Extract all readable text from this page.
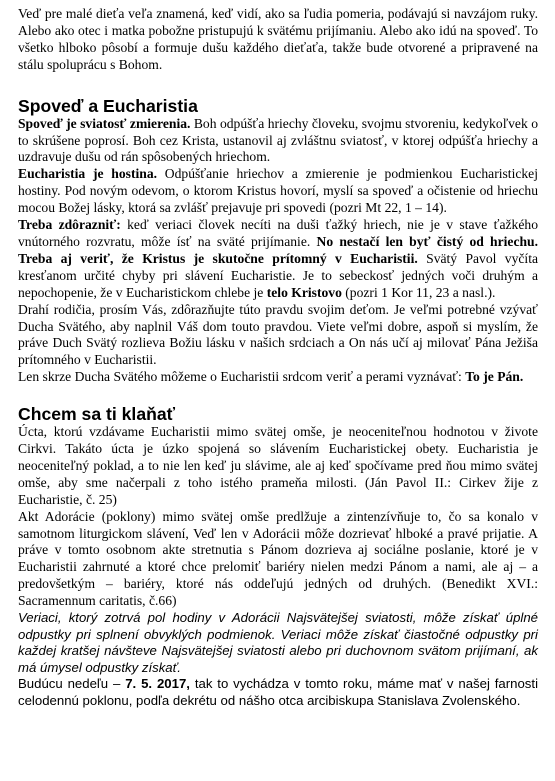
Veď pre malé dieťa veľa znamená, keď vidí, ako sa ľudia pomeria, podávajú si navzájom ruky. Alebo ako otec i matka pobožne pristupujú k svätému prijímaniu. Alebo ako idú na spoveď. To všetko hlboko pôsobí a formuje dušu každého dieťaťa, takže bude otvorené a pripravené na stálu spoluprácu s Bohom.

Spoveď a Eucharistia

Spoveď je sviatosť zmierenia. Boh odpúšťa hriechy človeku, svojmu stvoreniu, kedykoľvek o to skrúšene poprosí. Boh cez Krista, ustanovil aj zvláštnu sviatosť, v ktorej odpúšťa hriechy a uzdravuje dušu od rán spôsobených hriechom.

Eucharistia je hostina. Odpúšťanie hriechov a zmierenie je podmienkou Eucharistickej hostiny. Pod novým odevom, o ktorom Kristus hovorí, myslí sa spoveď a očistenie od hriechu mocou Božej lásky, ktorá sa zvlášť prejavuje pri spovedi (pozri Mt 22, 1 – 14).

Treba zdôrazniť: keď veriaci človek necíti na duši ťažký hriech, nie je v stave ťažkého vnútorného rozvratu, môže ísť na sväté prijímanie. No nestačí len byť čistý od hriechu. Treba aj veriť, že Kristus je skutočne prítomný v Eucharistii. Svätý Pavol vyčíta kresťanom určité chyby pri slávení Eucharistie. Je to sebeckosť jedných voči druhým a nepochopenie, že v Eucharistickom chlebe je telo Kristovo (pozri 1 Kor 11, 23 a nasl.).

Drahí rodičia, prosím Vás, zdôrazňujte túto pravdu svojim deťom. Je veľmi potrebné vzývať Ducha Svätého, aby naplnil Váš dom touto pravdou. Viete veľmi dobre, aspoň si myslím, že práve Duch Svätý rozlieva Božiu lásku v našich srdciach a On nás učí aj milovať Pána Ježiša prítomného v Eucharistii.

Len skrze Ducha Svätého môžeme o Eucharistii srdcom veriť a perami vyznávať: To je Pán.

Chcem sa ti klaňať

Úcta, ktorú vzdávame Eucharistii mimo svätej omše, je neoceniteľnou hodnotou v živote Cirkvi. Takáto úcta je úzko spojená so slávením Eucharistickej obety. Eucharistia je neoceniteľný poklad, a to nie len keď ju slávime, ale aj keď spočívame pred ňou mimo svätej omše, aby sme načerpali z toho istého prameňa milosti. (Ján Pavol II.: Cirkev žije z Eucharistie, č. 25)

Akt Adorácie (poklony) mimo svätej omše predlžuje a zintenzívňuje to, čo sa konalo v samotnom liturgickom slávení, Veď len v Adorácii môže dozrievať hlboké a pravé prijatie. A práve v tomto osobnom akte stretnutia s Pánom dozrieva aj sociálne poslanie, ktoré je v Eucharistii zahrnuté a ktoré chce prelomiť bariéry nielen medzi Pánom a nami, ale aj – a predovšetkým – bariéry, ktoré nás oddeľujú jedných od druhých. (Benedikt XVI.: Sacramennum caritatis, č.66)

Veriaci, ktorý zotrvá pol hodiny v Adorácii Najsvätejšej sviatosti, môže získať úplné odpustky pri splnení obvyklých podmienok. Veriaci môže získať čiastočné odpustky pri každej kratšej návšteve Najsvätejšej sviatosti alebo pri duchovnom svätom prijímaní, ak má úmysel odpustky získať.

Budúcu nedeľu – 7. 5. 2017, tak to vychádza v tomto roku, máme mať v našej farnosti celodennú poklonu, podľa dekrétu od nášho otca arcibiskupa Stanislava Zvolenského.
